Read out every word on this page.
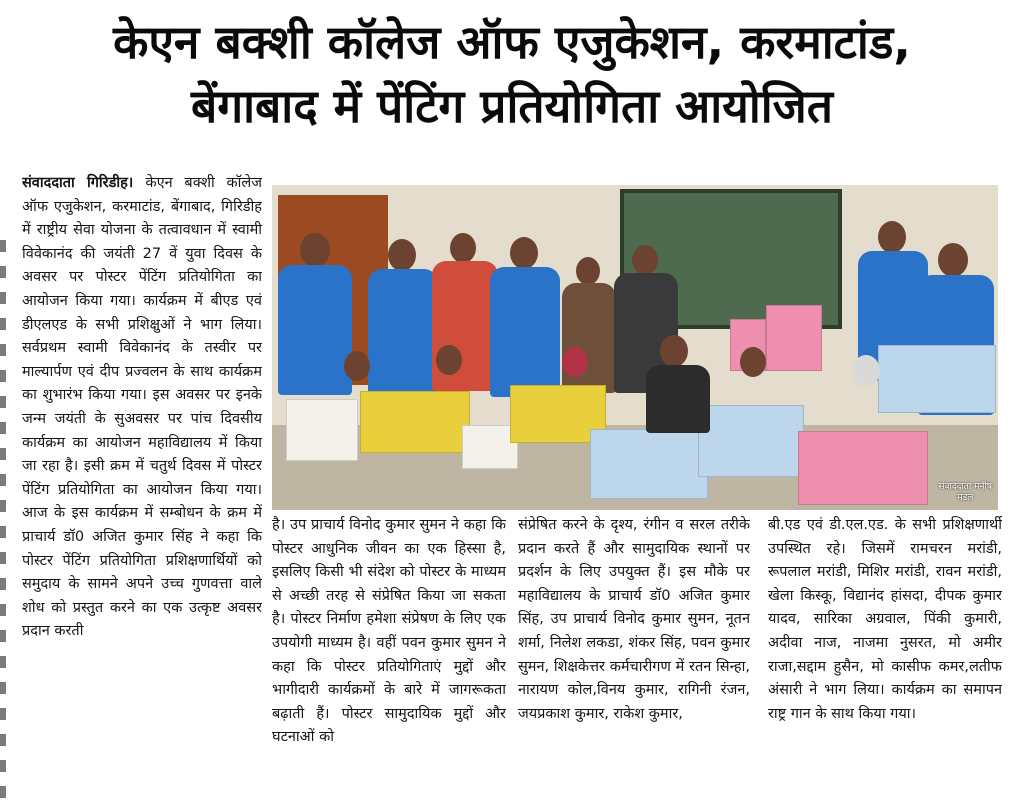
केएन बक्शी कॉलेज ऑफ एजुकेशन, करमाटांड,
बेंगाबाद में पेंटिंग प्रतियोगिता आयोजित
संवाददाता गिरिडीह। केएन बक्शी कॉलेज ऑफ एजुकेशन, करमाटांड, बेंगाबाद, गिरिडीह में राष्ट्रीय सेवा योजना के तत्वावधान में स्वामी विवेकानंद की जयंती 27 वें युवा दिवस के अवसर पर पोस्टर पेंटिंग प्रतियोगिता का आयोजन किया गया। कार्यक्रम में बीएड एवं डीएलएड के सभी प्रशिक्षुओं ने भाग लिया। सर्वप्रथम स्वामी विवेकानंद के तस्वीर पर माल्यार्पण एवं दीप प्रज्वलन के साथ कार्यक्रम का शुभारंभ किया गया। इस अवसर पर इनके जन्म जयंती के सुअवसर पर पांच दिवसीय कार्यक्रम का आयोजन महाविद्यालय में किया जा रहा है। इसी क्रम में चतुर्थ दिवस में पोस्टर पेंटिंग प्रतियोगिता का आयोजन किया गया। आज के इस कार्यक्रम में सम्बोधन के क्रम में प्राचार्य डॉ0 अजित कुमार सिंह ने कहा कि पोस्टर पेंटिंग प्रतियोगिता प्रशिक्षणार्थियों को समुदाय के सामने अपने उच्च गुणवत्ता वाले शोध को प्रस्तुत करने का एक उत्कृष्ट अवसर प्रदान करती
संवाददाता मनीष
मंडल
है। उप प्राचार्य विनोद कुमार सुमन ने कहा कि पोस्टर आधुनिक जीवन का एक हिस्सा है, इसलिए किसी भी संदेश को पोस्टर के माध्यम से अच्छी तरह से संप्रेषित किया जा सकता है। पोस्टर निर्माण हमेशा संप्रेषण के लिए एक उपयोगी माध्यम है। वहीं पवन कुमार सुमन ने कहा कि पोस्टर प्रतियोगिताएं मुद्दों और भागीदारी कार्यक्रमों के बारे में जागरूकता बढ़ाती हैं। पोस्टर सामुदायिक मुद्दों और घटनाओं को
संप्रेषित करने के दृश्य, रंगीन व सरल तरीके प्रदान करते हैं और सामुदायिक स्थानों पर प्रदर्शन के लिए उपयुक्त हैं। इस मौके पर महाविद्यालय के प्राचार्य डॉ0 अजित कुमार सिंह, उप प्राचार्य विनोद कुमार सुमन, नूतन शर्मा, निलेश लकडा, शंकर सिंह, पवन कुमार सुमन, शिक्षकेत्तर कर्मचारीगण में रतन सिन्हा, नारायण कोल,विनय कुमार, रागिनी रंजन, जयप्रकाश कुमार, राकेश कुमार,
बी.एड एवं डी.एल.एड. के सभी प्रशिक्षणार्थी उपस्थित रहे। जिसमें रामचरन मरांडी, रूपलाल मरांडी, मिशिर मरांडी, रावन मरांडी, खेला किस्कू, विद्यानंद हांसदा, दीपक कुमार यादव, सारिका अग्रवाल, पिंकी कुमारी, अदीवा नाज, नाजमा नुसरत, मो अमीर राजा,सद्दाम हुसैन, मो कासीफ कमर,लतीफ अंसारी ने भाग लिया। कार्यक्रम का समापन राष्ट्र गान के साथ किया गया।
